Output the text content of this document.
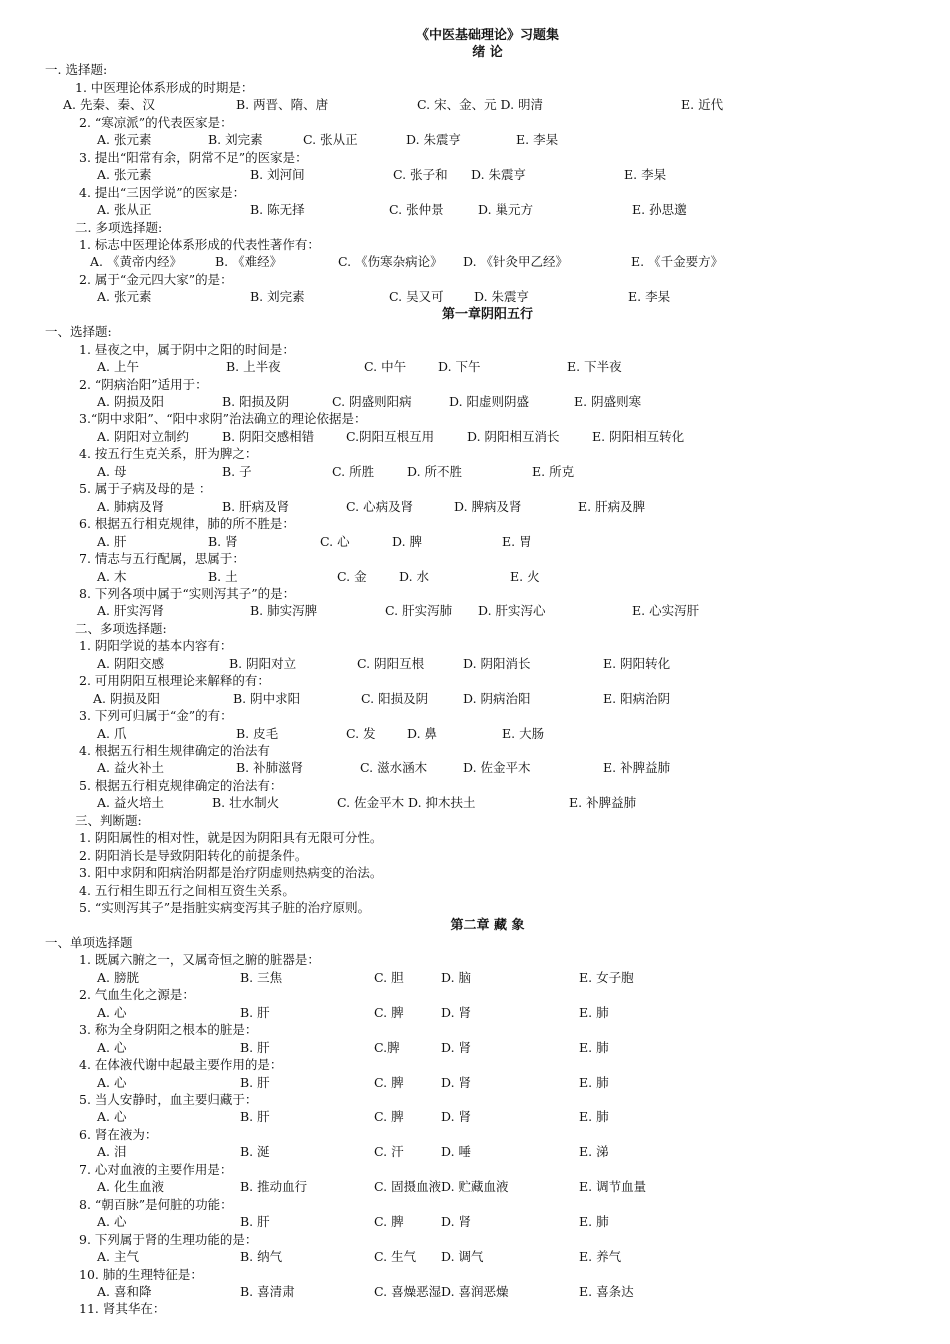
《中医基础理论》习题集
绪 论
一. 选择题:
1. 中医理论体系形成的时期是：
A. 先秦、秦、汉	B. 两晋、隋、唐	C. 宋、金、元 D. 明清	E. 近代
2. “寒凉派”的代表医家是：
A. 张元素	B. 刘完素	C. 张从正	D. 朱震亨	E. 李杲
3. 提出“阳常有余，阴常不足”的医家是：
A. 张元素	B. 刘河间	C. 张子和 D. 朱震亨	E. 李杲
4. 提出“三因学说”的医家是：
A. 张从正	B. 陈无择	C. 张仲景	D. 巢元方	E. 孙思邈
二. 多项选择题:
1. 标志中医理论体系形成的代表性著作有：
A. 《黄帝内经》	B. 《难经》	C. 《伤寒杂病论》 D. 《针灸甲乙经》	E. 《千金要方》
2. 属于“金元四大家”的是：
A. 张元素	B. 刘完素	C. 吴又可 D. 朱震亨	E. 李杲
第一章阴阳五行
一、选择题:
1. 昼夜之中，属于阴中之阳的时间是：
A. 上午	B. 上半夜	C. 中午	D. 下午	E. 下半夜
2. “阴病治阳”适用于：
A. 阴损及阳	B. 阳损及阴	C. 阴盛则阳病	D. 阳虚则阴盛	E. 阴盛则寒
3.“阴中求阳”、“阳中求阴”治法确立的理论依据是：
A. 阴阳对立制约	B. 阴阳交感相错	C.阴阳互根互用	D. 阴阳相互消长	E. 阴阳相互转化
4. 按五行生克关系，肝为脾之：
A. 母	B. 子	C. 所胜	D. 所不胜	E. 所克
5. 属于子病及母的是 ：
A. 肺病及肾	B. 肝病及肾	C. 心病及肾	D. 脾病及肾	E. 肝病及脾
6. 根据五行相克规律，肺的所不胜是：
A. 肝	B. 肾	C. 心	D. 脾	E. 胃
7. 情志与五行配属，思属于：
A. 木	B. 土	C. 金	D. 水	E. 火
8. 下列各项中属于“实则泻其子”的是：
A. 肝实泻肾	B. 肺实泻脾	C. 肝实泻肺 D. 肝实泻心	E. 心实泻肝
二、多项选择题:
1. 阴阳学说的基本内容有：
A. 阴阳交感	B. 阴阳对立	C. 阴阳互根	D. 阴阳消长	E. 阴阳转化
2. 可用阴阳互根理论来解释的有：
A. 阴损及阳	B. 阴中求阳	C. 阳损及阴	D. 阴病治阳	E. 阳病治阴
3. 下列可归属于“金”的有：
A. 爪	B. 皮毛	C. 发	D. 鼻	E. 大肠
4. 根据五行相生规律确定的治法有
A. 益火补土	B. 补肺滋肾	C. 滋水涵木	D. 佐金平木	E. 补脾益肺
5. 根据五行相克规律确定的治法有：
A. 益火培土	B. 壮水制火	C. 佐金平木 D. 抑木扶土	E. 补脾益肺
三、判断题:
1. 阴阳属性的相对性，就是因为阴阳具有无限可分性。
2. 阴阳消长是导致阴阳转化的前提条件。
3. 阳中求阴和阳病治阴都是治疗阴虚则热病变的治法。
4. 五行相生即五行之间相互资生关系。
5. “实则泻其子”是指脏实病变泻其子脏的治疗原则。
第二章 藏 象
一、单项选择题
1. 既属六腑之一，又属奇恒之腑的脏器是：
A. 膀胱	B. 三焦	C. 胆	D. 脑	E. 女子胞
2. 气血生化之源是：
A. 心	B. 肝	C. 脾	D. 肾	E. 肺
3. 称为全身阴阳之根本的脏是：
A. 心	B. 肝	C.脾	D. 肾	E. 肺
4. 在体液代谢中起最主要作用的是：
A. 心	B. 肝	C. 脾	D. 肾	E. 肺
5. 当人安静时，血主要归藏于：
A. 心	B. 肝	C. 脾	D. 肾	E. 肺
6. 肾在液为：
A. 泪	B. 涎	C. 汗	D. 唾	E. 涕
7. 心对血液的主要作用是：
A. 化生血液	B. 推动血行	C. 固摄血液 D. 贮藏血液	E. 调节血量
8. “朝百脉”是何脏的功能：
A. 心	B. 肝	C. 脾	D. 肾	E. 肺
9. 下列属于肾的生理功能的是：
A. 主气	B. 纳气	C. 生气 D. 调气	E. 养气
10. 肺的生理特征是：
A. 喜和降	B. 喜清肃	C. 喜燥恶湿 D. 喜润恶燥	E. 喜条达
11. 肾其华在：
